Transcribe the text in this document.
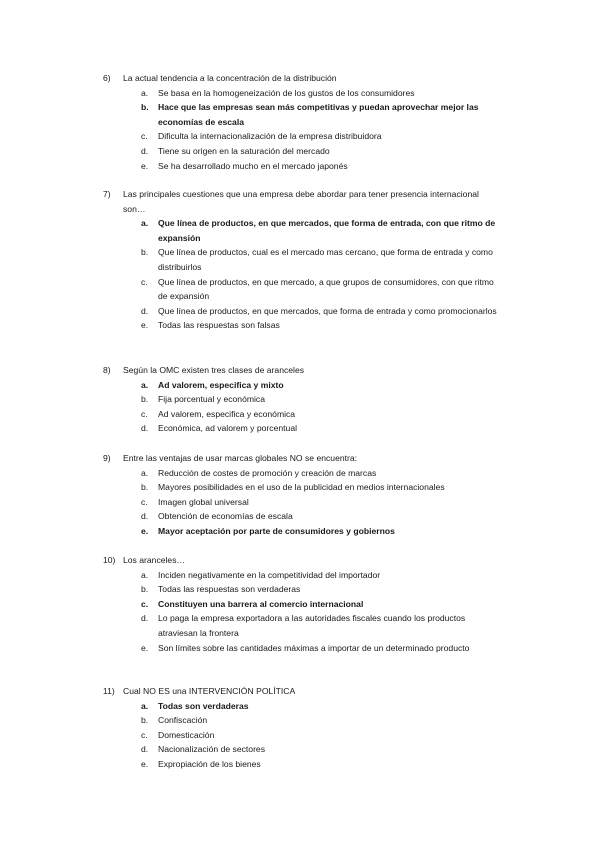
6)	La actual tendencia a la concentración de la distribución
a.	Se basa en la homogeneización de los gustos de los consumidores
b.	Hace que las empresas sean más competitivas y puedan aprovechar mejor las economías de escala
c.	Dificulta la internacionalización de la empresa distribuidora
d.	Tiene su origen en la saturación del mercado
e.	Se ha desarrollado mucho en el mercado japonés
7)	Las principales cuestiones que una empresa debe abordar para tener presencia internacional son…
a.	Que línea de productos, en que mercados, que forma de entrada, con que ritmo de expansión
b.	Que línea de productos, cual es el mercado mas cercano, que forma de entrada y como distribuirlos
c.	Que línea de productos, en que mercado, a que grupos de consumidores, con que ritmo de expansión
d.	Que línea de productos, en que mercados, que forma de entrada y como promocionarlos
e.	Todas las respuestas son falsas
8)	Según la OMC existen tres clases de aranceles
a.	Ad valorem, especifica y mixto
b.	Fija porcentual y económica
c.	Ad valorem, especifica y económica
d.	Económica, ad valorem y porcentual
9)	Entre las ventajas de usar marcas globales NO se encuentra:
a.	Reducción de costes de promoción y creación de marcas
b.	Mayores posibilidades en el uso de la publicidad en medios internacionales
c.	Imagen global universal
d.	Obtención de economías de escala
e.	Mayor aceptación por parte de consumidores y gobiernos
10) Los aranceles…
a.	Inciden negativamente en la competitividad del importador
b.	Todas las respuestas son verdaderas
c.	Constituyen una barrera al comercio internacional
d.	Lo paga la empresa exportadora a las autoridades fiscales cuando los productos atraviesan la frontera
e.	Son límites sobre las cantidades máximas a importar de un determinado producto
11) Cual NO ES una INTERVENCIÓN POLÍTICA
a.	Todas son verdaderas
b.	Confiscación
c.	Domesticación
d.	Nacionalización de sectores
e.	Expropiación de los bienes
